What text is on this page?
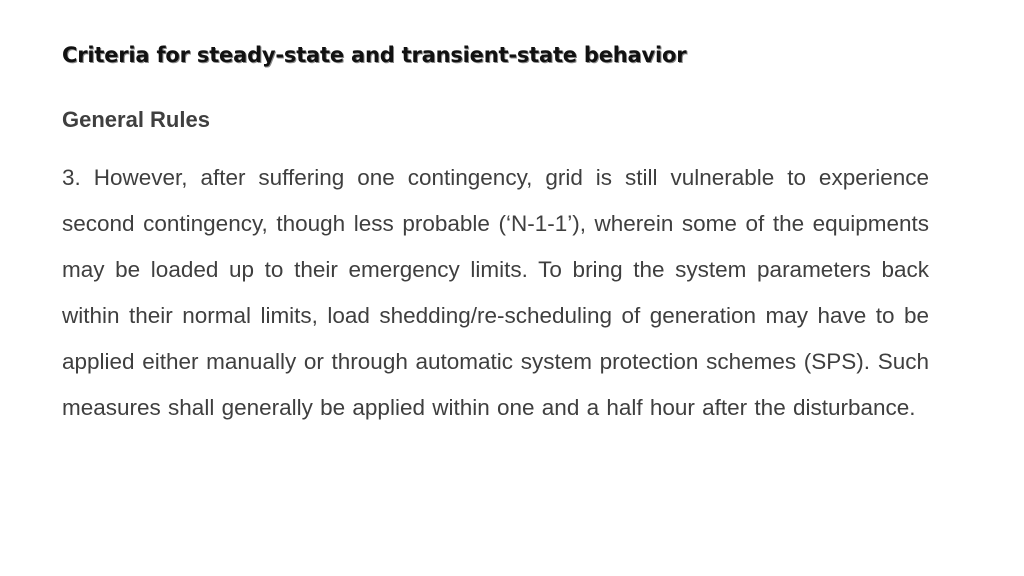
Criteria for steady-state and transient-state behavior
General Rules

3. However, after suffering one contingency, grid is still vulnerable to experience second contingency, though less probable (‘N-1-1’), wherein some of the equipments may be loaded up to their emergency limits. To bring the system parameters back within their normal limits, load shedding/re-scheduling of generation may have to be applied either manually or through automatic system protection schemes (SPS). Such measures shall generally be applied within one and a half hour after the disturbance.
